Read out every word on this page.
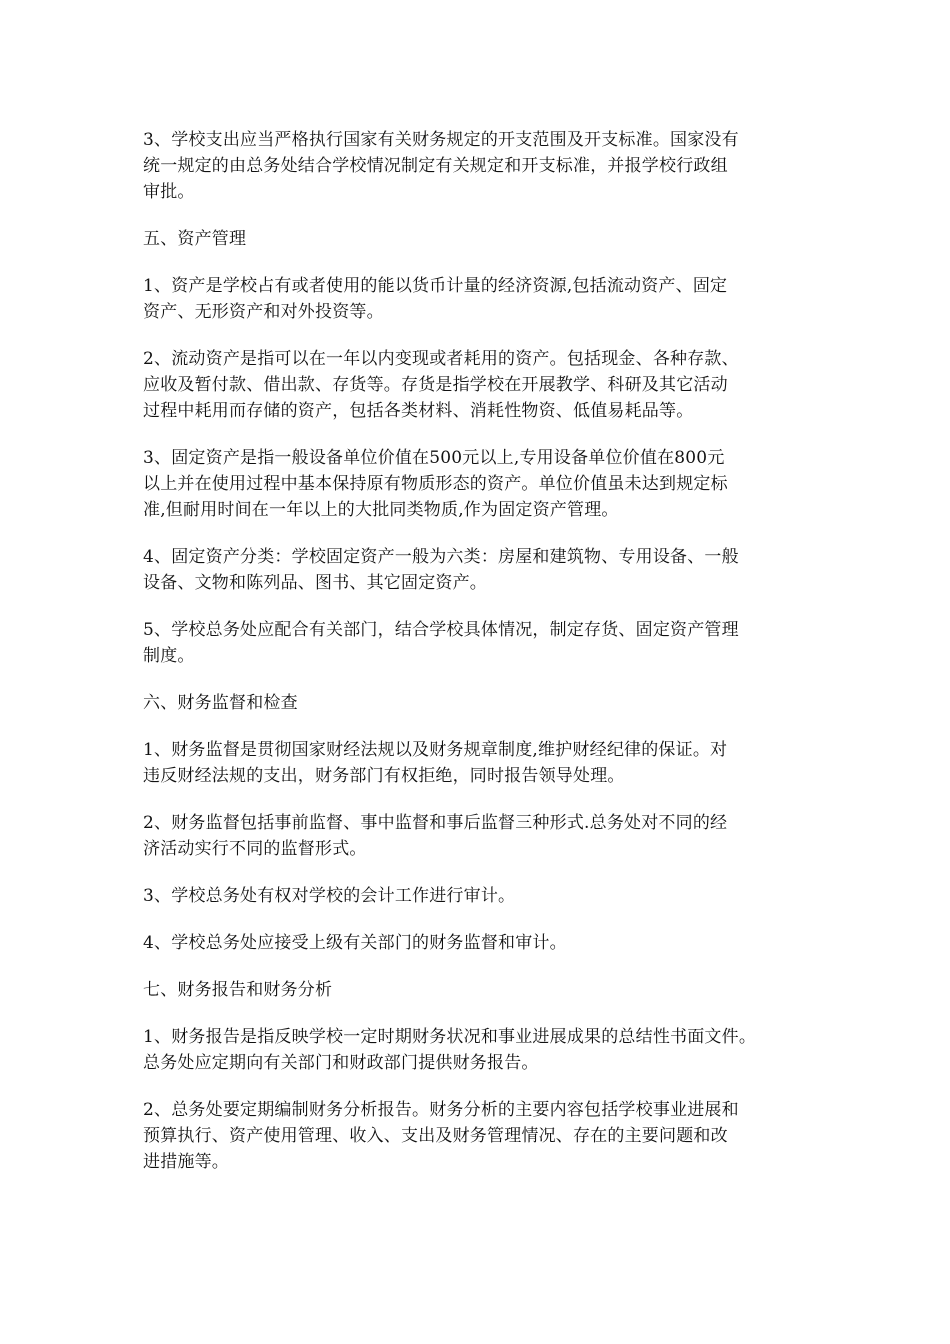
3、学校支出应当严格执行国家有关财务规定的开支范围及开支标准。国家没有
统一规定的由总务处结合学校情况制定有关规定和开支标准，并报学校行政组
审批。
五、资产管理
1、资产是学校占有或者使用的能以货币计量的经济资源,包括流动资产、固定
资产、无形资产和对外投资等。
2、流动资产是指可以在一年以内变现或者耗用的资产。包括现金、各种存款、
应收及暂付款、借出款、存货等。存货是指学校在开展教学、科研及其它活动
过程中耗用而存储的资产，包括各类材料、消耗性物资、低值易耗品等。
3、固定资产是指一般设备单位价值在500元以上,专用设备单位价值在800元
以上并在使用过程中基本保持原有物质形态的资产。单位价值虽未达到规定标
准,但耐用时间在一年以上的大批同类物质,作为固定资产管理。
4、固定资产分类：学校固定资产一般为六类：房屋和建筑物、专用设备、一般
设备、文物和陈列品、图书、其它固定资产。
5、学校总务处应配合有关部门，结合学校具体情况，制定存货、固定资产管理
制度。
六、财务监督和检查
1、财务监督是贯彻国家财经法规以及财务规章制度,维护财经纪律的保证。对
违反财经法规的支出，财务部门有权拒绝，同时报告领导处理。
2、财务监督包括事前监督、事中监督和事后监督三种形式.总务处对不同的经
济活动实行不同的监督形式。
3、学校总务处有权对学校的会计工作进行审计。
4、学校总务处应接受上级有关部门的财务监督和审计。
七、财务报告和财务分析
1、财务报告是指反映学校一定时期财务状况和事业进展成果的总结性书面文件。
总务处应定期向有关部门和财政部门提供财务报告。
2、总务处要定期编制财务分析报告。财务分析的主要内容包括学校事业进展和
预算执行、资产使用管理、收入、支出及财务管理情况、存在的主要问题和改
进措施等。
